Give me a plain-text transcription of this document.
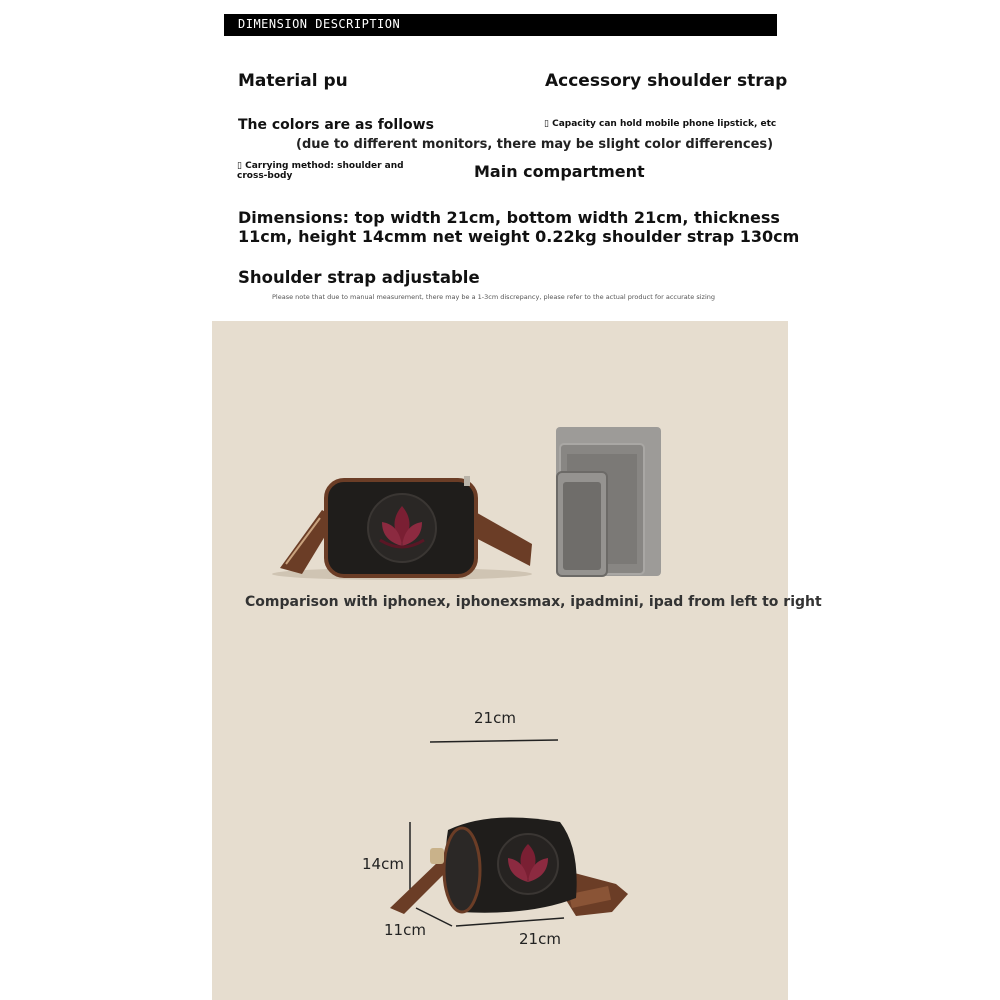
DIMENSION DESCRIPTION
Material pu	Accessory shoulder strap
The colors are as follows	▯ Capacity can hold mobile phone lipstick, etc
(due to different monitors, there may be slight color differences)
▯ Carrying method: shoulder and
cross-body	Main compartment
Dimensions: top width 21cm, bottom width 21cm, thickness
11cm, height 14cmm net weight 0.22kg shoulder strap 130cm
Shoulder strap adjustable
Please note that due to manual measurement, there may be a 1-3cm discrepancy, please refer to the actual product for accurate sizing
Comparison with iphonex, iphonexsmax, ipadmini, ipad from left to right
21cm
14cm
11cm	21cm
